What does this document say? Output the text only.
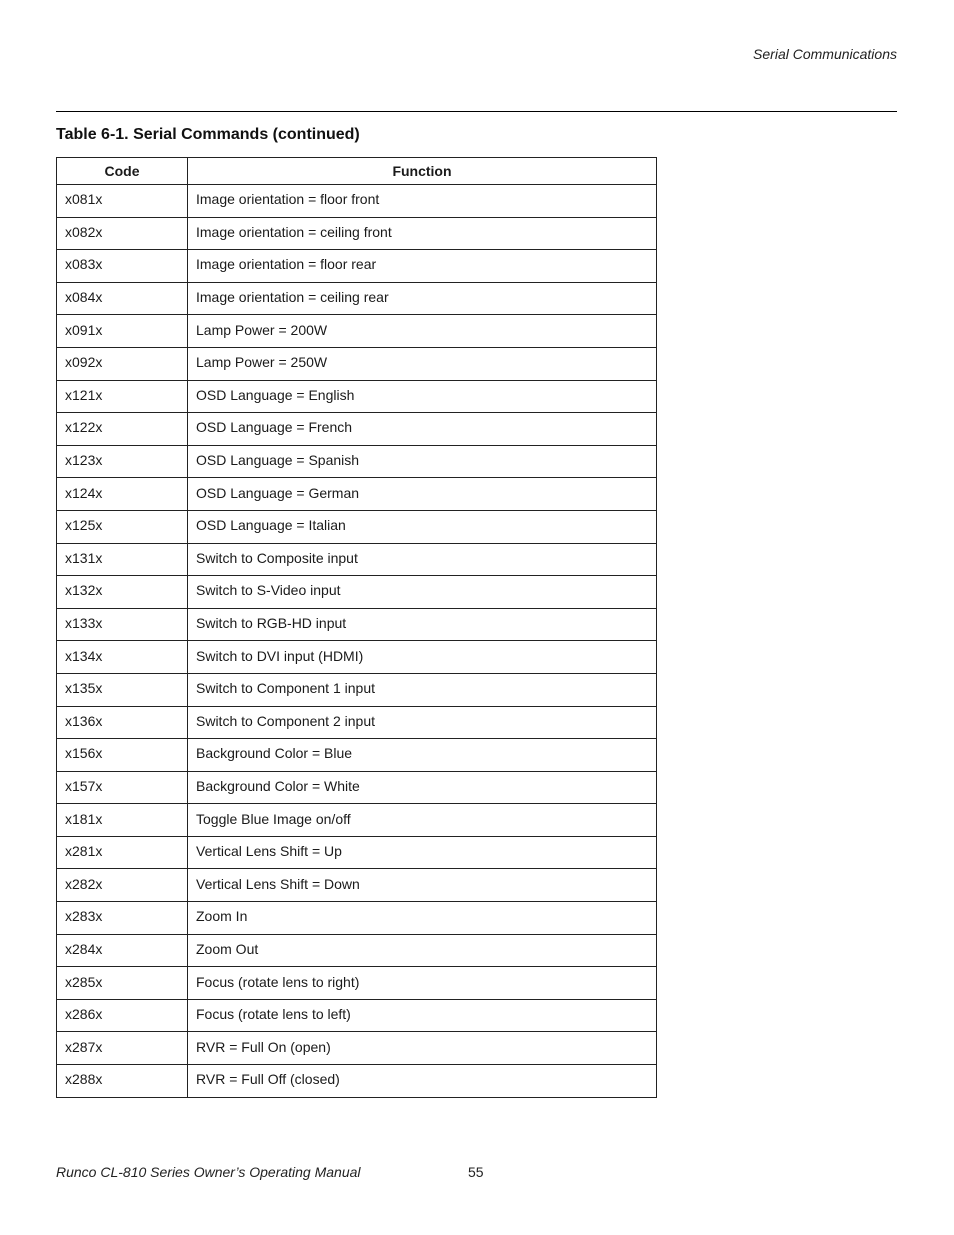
Serial Communications
Table 6-1. Serial Commands (continued)
Code	Function
x081x	Image orientation = floor front
x082x	Image orientation = ceiling front
x083x	Image orientation = floor rear
x084x	Image orientation = ceiling rear
x091x	Lamp Power = 200W
x092x	Lamp Power = 250W
x121x	OSD Language = English
x122x	OSD Language = French
x123x	OSD Language = Spanish
x124x	OSD Language = German
x125x	OSD Language = Italian
x131x	Switch to Composite input
x132x	Switch to S-Video input
x133x	Switch to RGB-HD input
x134x	Switch to DVI input (HDMI)
x135x	Switch to Component 1 input
x136x	Switch to Component 2 input
x156x	Background Color = Blue
x157x	Background Color = White
x181x	Toggle Blue Image on/off
x281x	Vertical Lens Shift = Up
x282x	Vertical Lens Shift = Down
x283x	Zoom In
x284x	Zoom Out
x285x	Focus (rotate lens to right)
x286x	Focus (rotate lens to left)
x287x	RVR = Full On (open)
x288x	RVR = Full Off (closed)
Runco CL-810 Series Owner’s Operating Manual	55
